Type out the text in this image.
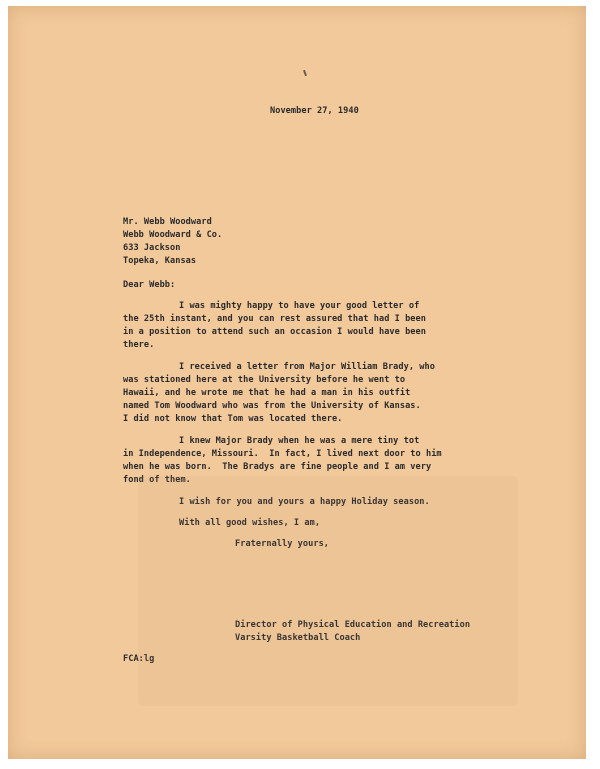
November 27, 1940
Mr. Webb Woodward
Webb Woodward & Co.
633 Jackson
Topeka, Kansas
Dear Webb:
I was mighty happy to have your good letter of
the 25th instant, and you can rest assured that had I been
in a position to attend such an occasion I would have been
there.
I received a letter from Major William Brady, who
was stationed here at the University before he went to
Hawaii, and he wrote me that he had a man in his outfit
named Tom Woodward who was from the University of Kansas.
I did not know that Tom was located there.
I knew Major Brady when he was a mere tiny tot
in Independence, Missouri.  In fact, I lived next door to him
when he was born.  The Bradys are fine people and I am very
fond of them.
I wish for you and yours a happy Holiday season.
With all good wishes, I am,
Fraternally yours,
Director of Physical Education and Recreation
Varsity Basketball Coach
FCA:lg
